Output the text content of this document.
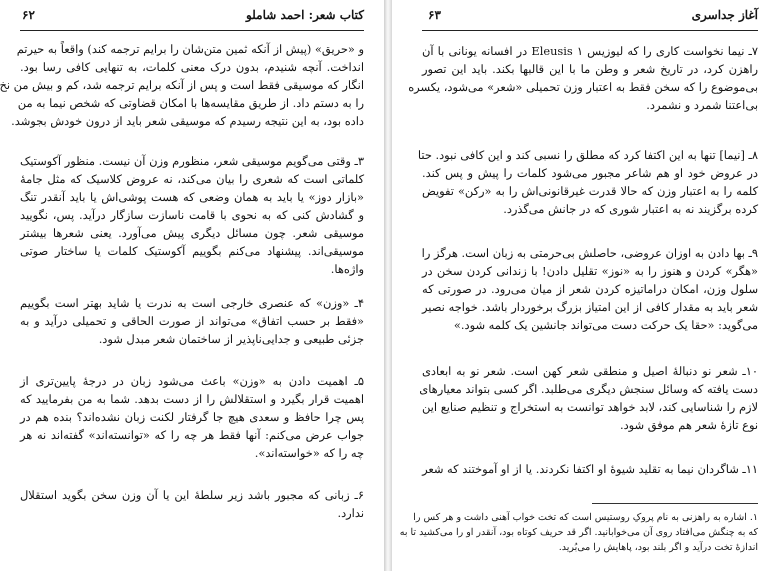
کتاب شعر: احمد شاملو
۶۲
و «حریق» (پیش از آنکه ثمین متن‌شان را برایم ترجمه کند) واقعاً به حیرتم
انداخت. آنچه شنیدم، بدون درک معنی کلمات، به تنهایی کافی رسا بود.
انگار که موسیقی فقط است و پس از آنکه برایم ترجمه شد، کم و بیش من نخ
را به دستم داد. از طریق مقایسه‌ها با امکان قضاوتی که شخص نیما به من
داده بود، به این نتیجه رسیدم که موسیقی شعر باید از درون خودش بجوشد.
۳ـ وقتی می‌گویم موسیقی شعر، منظورم وزن آن نیست. منظور آکوستیک
کلماتی است که شعری را بیان می‌کند، نه عروض کلاسیک که مثل جامهٔ
«بازار دوز» یا باید به همان وضعی که هست پوشی‌اش یا باید آنقدر تنگ
و گشادش کنی که به نحوی با قامت ناسازت سازگار درآید. پس، نگویید
موسیقی شعر. چون مسائل دیگری پیش می‌آورد. یعنی شعرها بیشتر
موسیقی‌اند. پیشنهاد می‌کنم بگوییم آکوستیک کلمات یا ساختار صوتی
واژه‌ها.
۴ـ «وزن» که عنصری خارجی است به ندرت یا شاید بهتر است بگوییم
«فقط بر حسب اتفاق» می‌تواند از صورت الحاقی و تحمیلی درآید و به
جزئی طبیعی و جدایی‌ناپذیر از ساختمان شعر مبدل شود.
۵ـ اهمیت دادن به «وزن» باعث می‌شود زبان در درجهٔ پایین‌تری از
اهمیت قرار بگیرد و استقلالش را از دست بدهد. شما به من بفرمایید که
پس چرا حافظ و سعدی هیچ جا گرفتار لکنت زبان نشده‌اند؟ بنده هم در
جواب عرض می‌کنم: آنها فقط هر چه را که «توانسته‌اند» گفته‌اند نه هر
چه را که «خواسته‌اند».
۶ـ زبانی که مجبور باشد زیر سلطهٔ این یا آن وزن سخن بگوید استقلال
ندارد.
آغاز جداسری
۶۳
۷ـ نیما نخواست کاری را که لیوزیس Eleusis ۱ در افسانه یونانی با آن
راهزن کرد، در تاریخ شعر و وطن ما با این قالبها بکند. باید این تصور
بی‌موضوع را که سخن فقط به اعتبار وزن تحمیلی «شعر» می‌شود، یکسره
بی‌اعتنا شمرد و نشمرد.
۸ـ [نیما] تنها به این اکتفا کرد که مطلق را نسبی کند و این کافی نبود. حتا
در عروض خود او هم شاعر مجبور می‌شود کلمات را پیش و پس کند.
کلمه را به اعتبار وزن که حالا قدرت غیرقانونی‌اش را به «رکن» تفویض
کرده برگزیند نه به اعتبار شوری که در جانش می‌گذرد.
۹ـ بها دادن به اوزان عروضی، حاصلش بی‌حرمتی به زبان است. هرگز را
«هگر» کردن و هنوز را به «نوز» تقلیل دادن! با زندانی کردن سخن در
سلول وزن، امکان دراماتیزه کردن شعر از میان می‌رود. در صورتی که
شعر باید به مقدار کافی از این امتیاز بزرگ برخوردار باشد. خواجه نصیر
می‌گوید: «حقا یک حرکت دست می‌تواند جانشین یک کلمه شود.»
۱۰ـ شعر نو دنبالهٔ اصیل و منطقی شعر کهن است. شعر نو به ابعادی
دست یافته که وسائل سنجش دیگری می‌طلبد. اگر کسی بتواند معیارهای
لازم را شناسایی کند، لابد خواهد توانست به استخراج و تنظیم صنایع این
نوع تازهٔ شعر هم موفق شود.
۱۱ـ شاگردان نیما به تقلید شیوهٔ او اکتفا نکردند. یا از او آموختند که شعر
۱. اشاره به راهزنی به نام پروکِ روستیس است که تخت خواب آهنی داشت و هر کس را
که به چنگش می‌افتاد روی آن می‌خوابانید. اگر قد حریف کوتاه بود، آنقدر او را می‌کشید تا به
اندازهٔ تخت درآید و اگر بلند بود، پاهایش را می‌بُرید.
